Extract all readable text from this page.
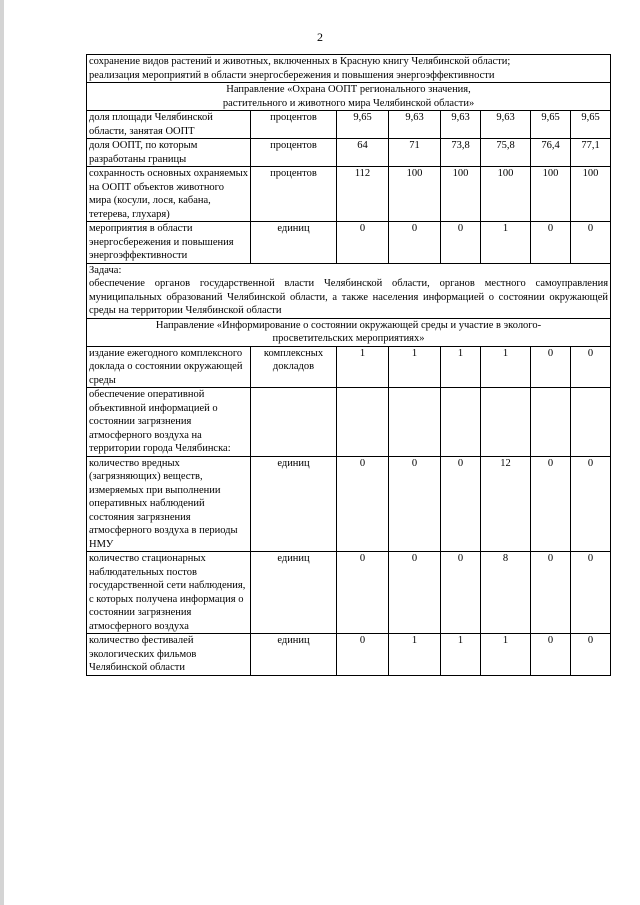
2
сохранение видов растений и животных, включенных в Красную книгу Челябинской области;
реализация мероприятий в области энергосбережения и повышения энергоэффективности							

Направление «Охрана ООПТ регионального значения,
растительного и животного мира Челябинской области»							

доля площади Челябинской области, занятая ООПТ	процентов	9,65	9,63	9,63	9,63	9,65	9,65
доля ООПТ, по которым разработаны границы	процентов	64	71	73,8	75,8	76,4	77,1
сохранность основных охраняемых на ООПТ объектов животного мира (косули, лося, кабана, тетерева, глухаря)	процентов	112	100	100	100	100	100
мероприятия в области энергосбережения и повышения энергоэффективности	единиц	0	0	0	1	0	0

Задача:
обеспечение органов государственной власти Челябинской области, органов местного самоуправления муниципальных образований Челябинской области, а также населения информацией о состоянии окружающей среды на территории Челябинской области							

Направление «Информирование о состоянии окружающей среды и участие в эколого-
просветительских мероприятиях»							

издание ежегодного комплексного доклада о состоянии окружающей среды	комплексных докладов	1	1	1	1	0	0
обеспечение оперативной объективной информацией о состоянии загрязнения атмосферного воздуха на территории города Челябинска:							
количество вредных (загрязняющих) веществ, измеряемых при выполнении оперативных наблюдений состояния загрязнения атмосферного воздуха в периоды НМУ	единиц	0	0	0	12	0	0
количество стационарных наблюдательных постов государственной сети наблюдения, с которых получена информация о состоянии загрязнения атмосферного воздуха	единиц	0	0	0	8	0	0
количество фестивалей экологических фильмов Челябинской области	единиц	0	1	1	1	0	0
